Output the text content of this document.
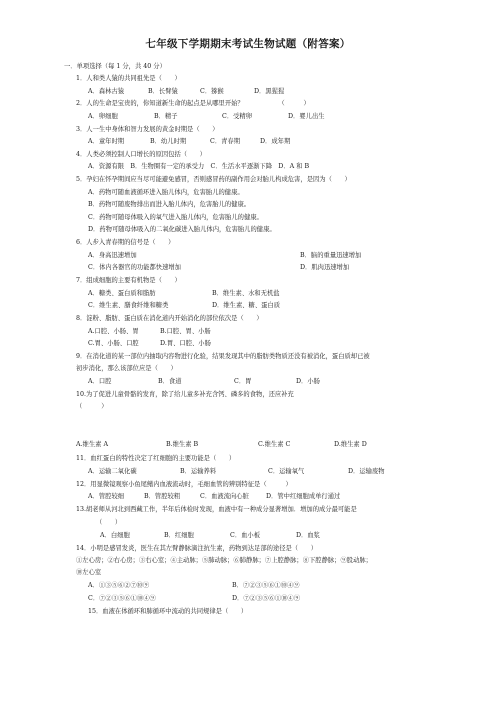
七年级下学期期末考试生物试题（附答案）
一．单项选择（每 1 分，共 40 分）
1．人和类人猿的共同祖先是（　　）
A．森林古猿	B．长臂猿	C．猕猴	D．黑猩猩
2．人的生命是宝贵的，你知道新生命的起点是从哪里开始？　　　　　　（　　　）
A．卵细胞	B．精子	C．受精卵	D．婴儿出生
3．人一生中身体和智力发展的黄金时期是（　　）
A．童年时期	B．幼儿时期	C．青春期	D．成年期
4．人类必须控制人口增长的原因包括（　　）
A．资源有限　B．生物圈有一定的承受力　C．生活水平逐渐下降　D．A 和 B
5．孕妇在怀孕期间应当尽可能避免感冒，否则感冒药的副作用会对胎儿构成危害，是因为（　　）
A．药物可随血液循环进入胎儿体内，危害胎儿的健康。
B．药物可随废物排出而进入胎儿体内，危害胎儿的健康。
C．药物可随母体吸入的氧气进入胎儿体内，危害胎儿的健康。
D．药物可随母体吸入的二氧化碳进入胎儿体内，危害胎儿的健康。
6．人步入青春期的信号是（　　）
A．身高迅速增加	B．脑的重量迅速增加
C．体内各器官的功能都快速增加	D．肌肉迅速增加
7．组成细胞的主要有机物是（　　）
A．糖类、蛋白质和脂肪	B．维生素、水和无机盐
C．维生素、膳食纤维和糖类	D．维生素、糖、蛋白质
8．淀粉、脂肪、蛋白质在消化道内开始消化的部位依次是（　　）
A.口腔、小肠、胃	B.口腔、胃、小肠
C.胃、小肠、口腔	D.胃、口腔、小肠
9．在消化道的某一部位内抽取内容物进行化验，结果发现其中的脂肪类物质还没有被消化，蛋白质却已被
初步消化，那么该部位应是（　　）
A．口腔	B．食道	C．胃	D．小肠
10.为了促进儿童骨骼的发育，除了给儿童多补充含钙、磷多的食物，还应补充
（　　　）
A.维生素 A	B.维生素 B	C.维生素 C	D.维生素 D
11．血红蛋白的特性决定了红细胞的主要功能是（　　）
A．运输二氧化碳	B．运输养料	C．运输氧气	D．运输废物
12．用显微镜观察小鱼尾鳍内血液流动时，毛细血管的辨别特征是（　　　）
A．管腔较细	B．管腔较粗	C．血液流向心脏	D．管中红细胞成单行通过
13.胡老师从河北到西藏工作，半年后体检时发现，血液中有一种成分显著增加．增加的成分最可能是
（　　）
A．白细胞	B．红细胞	C．血小板	D．血浆
14．小明是感冒发炎，医生在其左臂静脉滴注抗生素，药物到达足部的途径是（　　）
①左心房；②右心房；③右心室；④主动脉；⑤肺动脉；⑥肺静脉；⑦上腔静脉；⑧下腔静脉；⑨股动脉；
⑩左心室
A．①③⑤⑥②⑦⑩⑨	B．⑦②③⑤⑥①⑩④⑨
C．⑦②③⑤⑥①⑩④⑨	D．⑦②③⑤⑥①⑩④⑨
15．血液在体循环和肺循环中流动的共同规律是（　　）
